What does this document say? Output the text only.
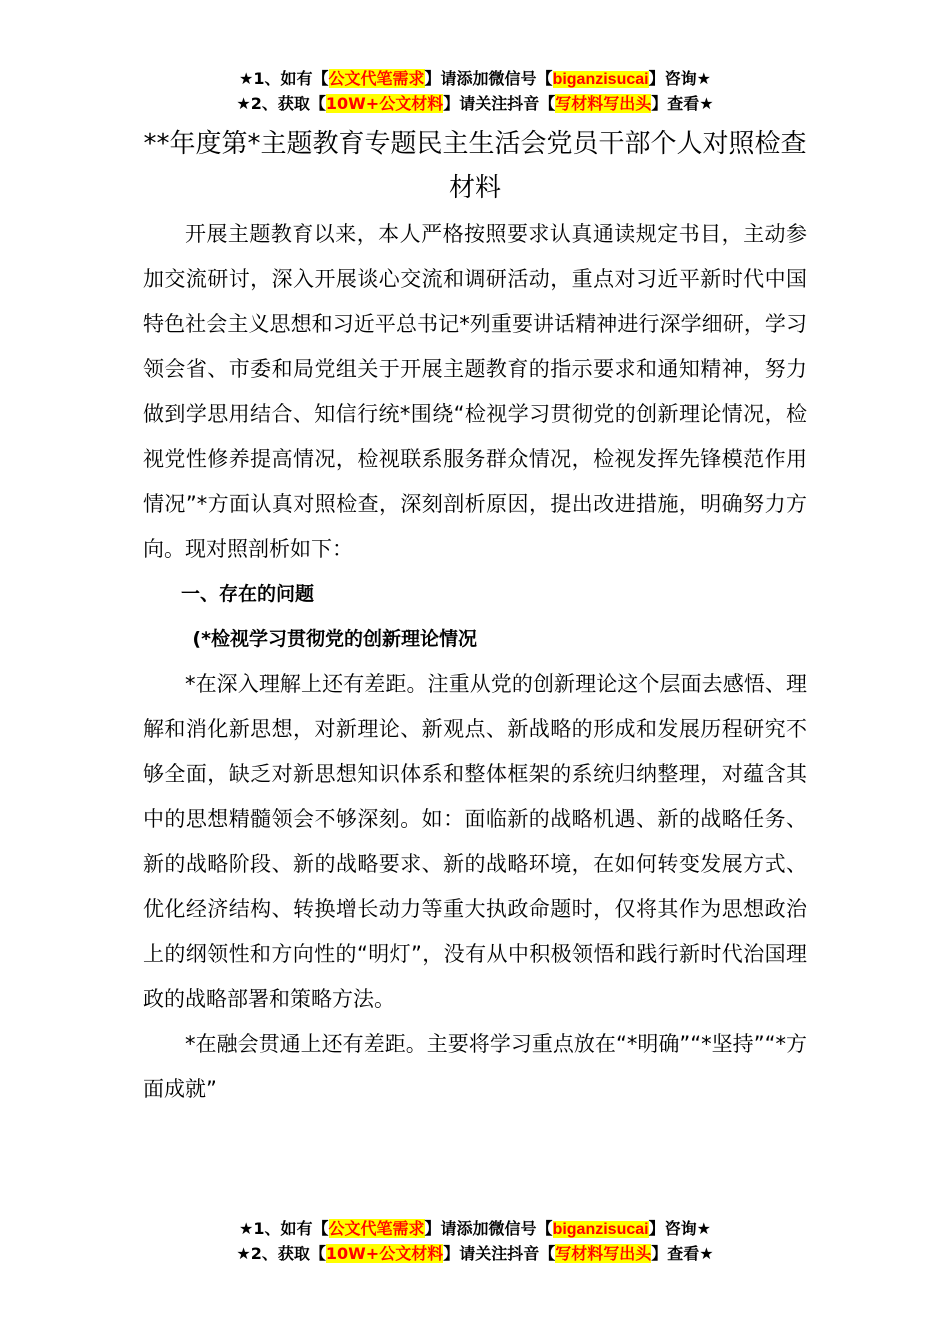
★1、如有【公文代笔需求】请添加微信号【biganzisucai】咨询★
★2、获取【10W+公文材料】请关注抖音【写材料写出头】查看★
**年度第*主题教育专题民主生活会党员干部个人对照检查材料

开展主题教育以来，本人严格按照要求认真通读规定书目，主动参加交流研讨，深入开展谈心交流和调研活动，重点对习近平新时代中国特色社会主义思想和习近平总书记*列重要讲话精神进行深学细研，学习领会省、市委和局党组关于开展主题教育的指示要求和通知精神，努力做到学思用结合、知信行统*围绕“检视学习贯彻党的创新理论情况，检视党性修养提高情况，检视联系服务群众情况，检视发挥先锋模范作用情况”*方面认真对照检查，深刻剖析原因，提出改进措施，明确努力方向。现对照剖析如下：

一、存在的问题

(*检视学习贯彻党的创新理论情况

*在深入理解上还有差距。注重从党的创新理论这个层面去感悟、理解和消化新思想，对新理论、新观点、新战略的形成和发展历程研究不够全面，缺乏对新思想知识体系和整体框架的系统归纳整理，对蕴含其中的思想精髓领会不够深刻。如：面临新的战略机遇、新的战略任务、新的战略阶段、新的战略要求、新的战略环境，在如何转变发展方式、优化经济结构、转换增长动力等重大执政命题时，仅将其作为思想政治上的纲领性和方向性的“明灯”，没有从中积极领悟和践行新时代治国理政的战略部署和策略方法。

*在融会贯通上还有差距。主要将学习重点放在“*明确”“*坚持”“*方面成就”

★1、如有【公文代笔需求】请添加微信号【biganzisucai】咨询★
★2、获取【10W+公文材料】请关注抖音【写材料写出头】查看★
